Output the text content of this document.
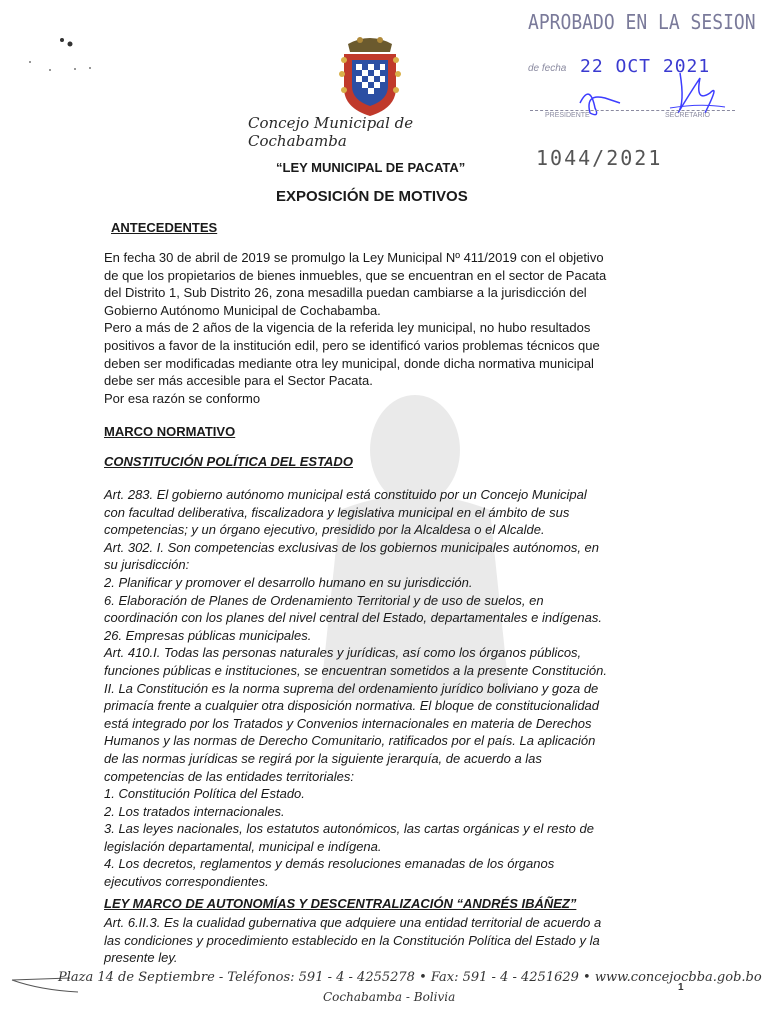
Concejo Municipal de Cochabamba
APROBADO EN LA SESION
de fecha 22 OCT 2021
PRESIDENTE	SECRETARIO
1044/2021
“LEY MUNICIPAL DE PACATA”
EXPOSICIÓN DE MOTIVOS
ANTECEDENTES
En fecha 30 de abril de 2019 se promulgo la Ley Municipal Nº 411/2019 con el objetivo
de que los propietarios de bienes inmuebles, que se encuentran en el sector de Pacata
del Distrito 1, Sub Distrito 26, zona mesadilla puedan cambiarse a la jurisdicción del
Gobierno Autónomo Municipal de Cochabamba.
Pero a más de 2 años de la vigencia de la referida ley municipal, no hubo resultados
positivos a favor de la institución edil, pero se identificó varios problemas técnicos que
deben ser modificadas mediante otra ley municipal, donde dicha normativa municipal
debe ser más accesible para el Sector Pacata.
Por esa razón se conformo
MARCO NORMATIVO
CONSTITUCIÓN POLÍTICA DEL ESTADO
Art. 283. El gobierno autónomo municipal está constituido por un Concejo Municipal
con facultad deliberativa, fiscalizadora y legislativa municipal en el ámbito de sus
competencias; y un órgano ejecutivo, presidido por la Alcaldesa o el Alcalde.
Art. 302. I. Son competencias exclusivas de los gobiernos municipales autónomos, en
su jurisdicción:
2. Planificar y promover el desarrollo humano en su jurisdicción.
6. Elaboración de Planes de Ordenamiento Territorial y de uso de suelos, en
coordinación con los planes del nivel central del Estado, departamentales e indígenas.
26. Empresas públicas municipales.
Art. 410.I. Todas las personas naturales y jurídicas, así como los órganos públicos,
funciones públicas e instituciones, se encuentran sometidos a la presente Constitución.
II. La Constitución es la norma suprema del ordenamiento jurídico boliviano y goza de
primacía frente a cualquier otra disposición normativa. El bloque de constitucionalidad
está integrado por los Tratados y Convenios internacionales en materia de Derechos
Humanos y las normas de Derecho Comunitario, ratificados por el país. La aplicación
de las normas jurídicas se regirá por la siguiente jerarquía, de acuerdo a las
competencias de las entidades territoriales:
1. Constitución Política del Estado.
2. Los tratados internacionales.
3. Las leyes nacionales, los estatutos autonómicos, las cartas orgánicas y el resto de
legislación departamental, municipal e indígena.
4. Los decretos, reglamentos y demás resoluciones emanadas de los órganos
ejecutivos correspondientes.
LEY MARCO DE AUTONOMÍAS Y DESCENTRALIZACIÓN “ANDRÉS IBÁÑEZ”
Art. 6.II.3. Es la cualidad gubernativa que adquiere una entidad territorial de acuerdo a
las condiciones y procedimiento establecido en la Constitución Política del Estado y la
presente ley.
Plaza 14 de Septiembre - Teléfonos: 591 - 4 - 4255278 • Fax: 591 - 4 - 4251629 • www.concejocbba.gob.bo
Cochabamba - Bolivia
1
